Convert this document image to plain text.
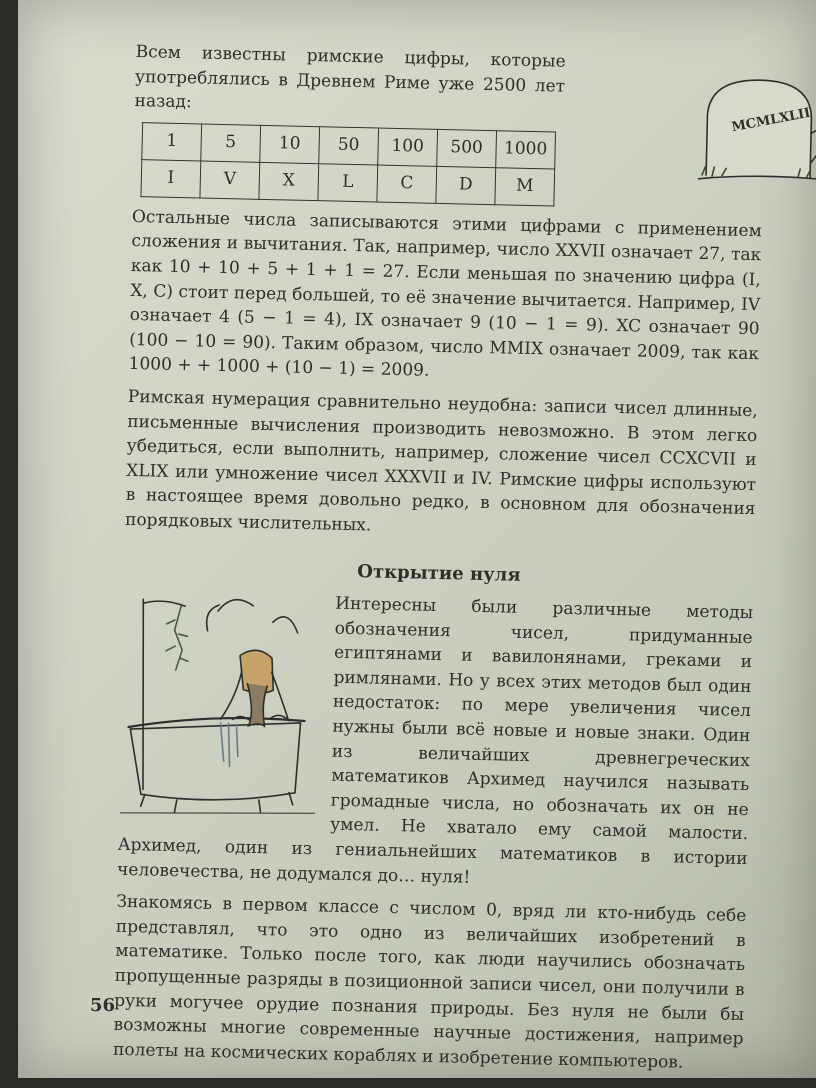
Всем известны римские цифры, которые употреблялись в Древнем Риме уже 2500 лет назад:

1	5	10	50	100	500	1000
I	V	X	L	C	D	M

Остальные числа записываются этими цифрами с применением сложения и вычитания. Так, например, число XXVII означает 27, так как 10 + 10 + 5 + 1 + 1 = 27. Если меньшая по значению цифра (I, X, C) стоит перед большей, то её значение вычитается. Например, IV означает 4 (5 − 1 = 4), IX означает 9 (10 − 1 = 9). XC означает 90 (100 − 10 = 90). Таким образом, число MMIX означает 2009, так как 1000 + + 1000 + (10 − 1) = 2009.

Римская нумерация сравнительно неудобна: записи чисел длинные, письменные вычисления производить невозможно. В этом легко убедиться, если выполнить, например, сложение чисел CCXCVII и XLIX или умножение чисел XXXVII и IV. Римские цифры используют в настоящее время довольно редко, в основном для обозначения порядковых числительных.

Открытие нуля

Интересны были различные методы обозначения чисел, придуманные египтянами и вавилонянами, греками и римлянами. Но у всех этих методов был один недостаток: по мере увеличения чисел нужны были всё новые и новые знаки. Один из величайших древнегреческих математиков Архимед научился называть громадные числа, но обозначать их он не умел. Не хватало ему самой малости. Архимед, один из гениальнейших математиков в истории человечества, не додумался до… нуля!

Знакомясь в первом классе с числом 0, вряд ли кто-нибудь себе представлял, что это одно из величайших изобретений в математике. Только после того, как люди научились обозначать пропущенные разряды в позиционной записи чисел, они получили в руки могучее орудие познания природы. Без нуля не были бы возможны многие современные научные достижения, например полеты на космических кораблях и изобретение компьютеров.

MCMLXLII
56
